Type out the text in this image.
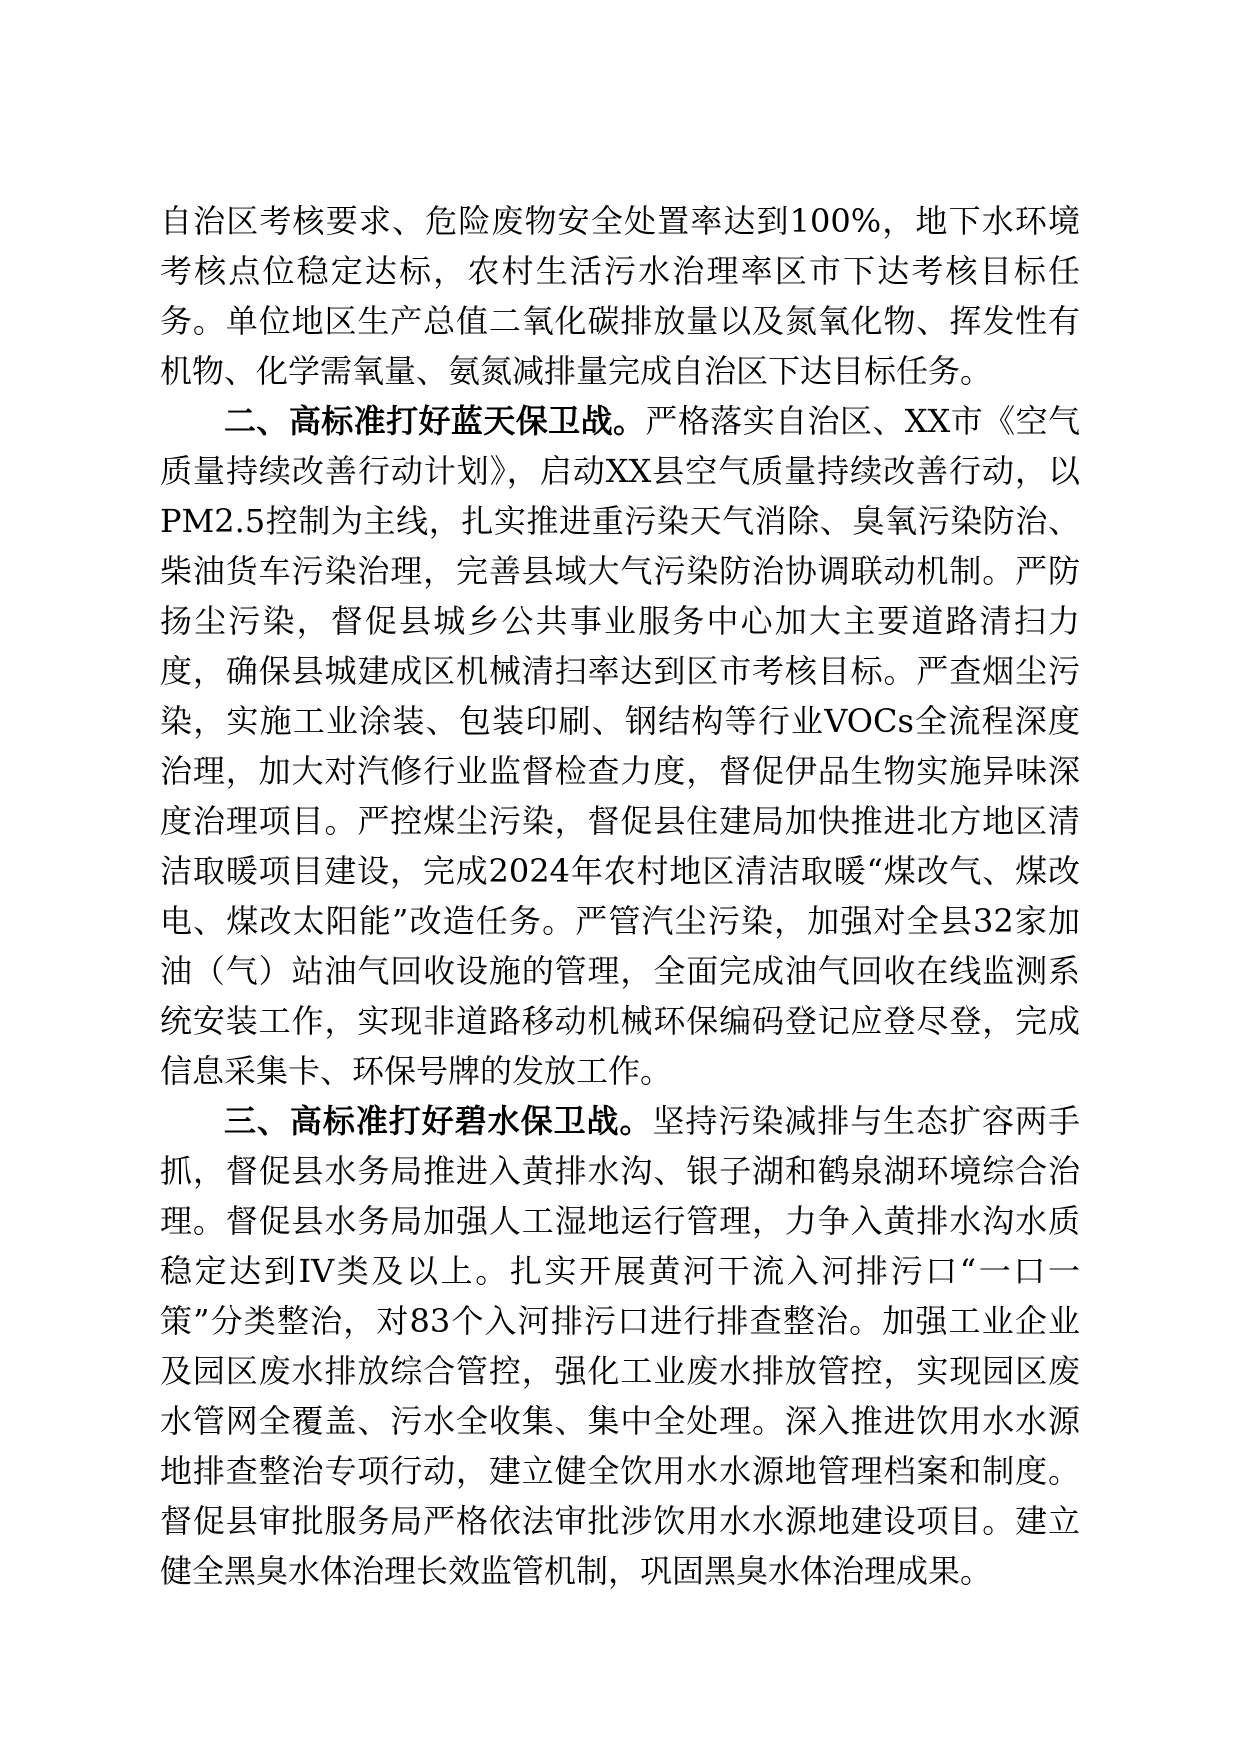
自治区考核要求、危险废物安全处置率达到100%，地下水环境考核点位稳定达标，农村生活污水治理率区市下达考核目标任务。单位地区生产总值二氧化碳排放量以及氮氧化物、挥发性有机物、化学需氧量、氨氮减排量完成自治区下达目标任务。

二、高标准打好蓝天保卫战。严格落实自治区、XX市《空气质量持续改善行动计划》，启动XX县空气质量持续改善行动，以PM2.5控制为主线，扎实推进重污染天气消除、臭氧污染防治、柴油货车污染治理，完善县域大气污染防治协调联动机制。严防扬尘污染，督促县城乡公共事业服务中心加大主要道路清扫力度，确保县城建成区机械清扫率达到区市考核目标。严查烟尘污染，实施工业涂装、包装印刷、钢结构等行业VOCs全流程深度治理，加大对汽修行业监督检查力度，督促伊品生物实施异味深度治理项目。严控煤尘污染，督促县住建局加快推进北方地区清洁取暖项目建设，完成2024年农村地区清洁取暖“煤改气、煤改电、煤改太阳能”改造任务。严管汽尘污染，加强对全县32家加油（气）站油气回收设施的管理，全面完成油气回收在线监测系统安装工作，实现非道路移动机械环保编码登记应登尽登，完成信息采集卡、环保号牌的发放工作。

三、高标准打好碧水保卫战。坚持污染减排与生态扩容两手抓，督促县水务局推进入黄排水沟、银子湖和鹤泉湖环境综合治理。督促县水务局加强人工湿地运行管理，力争入黄排水沟水质稳定达到IV类及以上。扎实开展黄河干流入河排污口“一口一策”分类整治，对83个入河排污口进行排查整治。加强工业企业及园区废水排放综合管控，强化工业废水排放管控，实现园区废水管网全覆盖、污水全收集、集中全处理。深入推进饮用水水源地排查整治专项行动，建立健全饮用水水源地管理档案和制度。督促县审批服务局严格依法审批涉饮用水水源地建设项目。建立健全黑臭水体治理长效监管机制，巩固黑臭水体治理成果。
